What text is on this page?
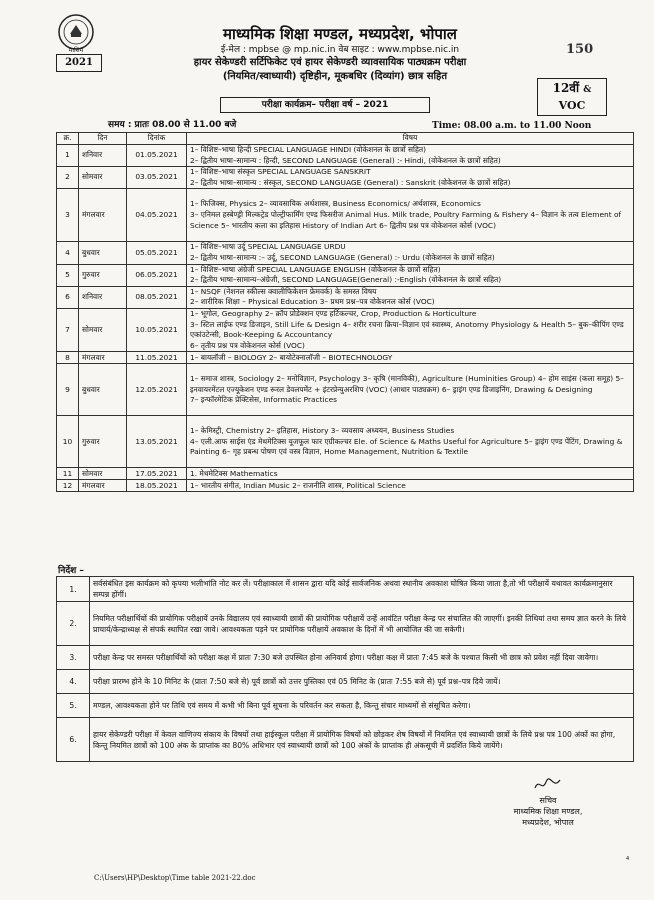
माशिमं
2021
माध्यमिक शिक्षा मण्डल, मध्यप्रदेश, भोपाल
ई-मेल : mpbse @ mp.nic.in वेब साइट : www.mpbse.nic.in
हायर सेकेण्डरी सर्टिफिकेट एवं हायर सेकेण्डरी व्यावसायिक पाठ्यक्रम परीक्षा
(नियमित/स्वाध्यायी) दृष्टिहीन, मूकबधिर (दिव्यांग) छात्र सहित
150
12वीं &
VOC
परीक्षा कार्यक्रम– परीक्षा वर्ष – 2021
समय : प्रातः 08.00 से 11.00 बजे	Time: 08.00 a.m. to 11.00 Noon
क्र.	दिन	दिनांक	विषय
1	शनिवार	01.05.2021	1– विशिष्ट–भाषा हिन्दी SPECIAL LANGUAGE HINDI (वोकेशनल के छात्रों सहित)
2– द्वितीय भाषा–सामान्य : हिन्दी, SECOND LANGUAGE (General) :- Hindi, (वोकेशनल के छात्रों सहित)
2	सोमवार	03.05.2021	1– विशिष्ट–भाषा संस्कृत SPECIAL LANGUAGE SANSKRIT
2– द्वितीय भाषा–सामान्य : संस्कृत, SECOND LANGUAGE (General) : Sanskrit (वोकेशनल के छात्रों सहित)
3	मंगलवार	04.05.2021	1– फिजिक्स, Physics 2– व्यावसायिक अर्थशास्त्र, Business Economics/ अर्थशास्त्र, Economics
3– एनिमल हस्बेण्ड्री मिल्कट्रेड पोल्ट्रीफार्मिंग एण्ड फिसरीज Animal Hus. Milk trade, Poultry Farming & Fishery 4– विज्ञान के तत्व Element of Science 5– भारतीय कला का इतिहास History of Indian Art 6– द्वितीय प्रश्न पत्र वोकेशनल कोर्स (VOC)
4	बुधवार	05.05.2021	1– विशिष्ट–भाषा उर्दू SPECIAL LANGUAGE URDU
2– द्वितीय भाषा–सामान्य :– उर्दू, SECOND LANGUAGE (General) :- Urdu (वोकेशनल के छात्रों सहित)
5	गुरुवार	06.05.2021	1– विशिष्ट–भाषा अंग्रेजी SPECIAL LANGUAGE ENGLISH (वोकेशनल के छात्रों सहित)
2– द्वितीय भाषा–सामान्य–अंग्रेजी, SECOND LANGUAGE(General) :-English (वोकेशनल के छात्रों सहित)
6	शनिवार	08.05.2021	1– NSQF (नेशनल स्कील्स क्वालीफिकेशन फ्रेमवर्क) के समस्त विषय
2– शारीरिक शिक्षा – Physical Education 3– प्रथम प्रश्न–पत्र वोकेशनल कोर्स (VOC)
7	सोमवार	10.05.2021	1– भूगोल, Geography 2– क्रॉप प्रोडेक्शन एण्ड हर्टिकल्चर, Crop, Production & Horticulture
3– स्टिल लाईफ एण्ड डिजाइन, Still Life & Design 4– शरीर रचना क्रिया–विज्ञान एवं स्वास्थ्य, Anotomy Physiology & Health 5– बुक–कीपिंग एण्ड एकांउटेन्सी, Book-Keeping & Accountancy
6– तृतीय प्रश्न पत्र वोकेशनल कोर्स (VOC)
8	मंगलवार	11.05.2021	1– बायलॉजी – BIOLOGY 2– बायोटेक्नालॉजी – BIOTECHNOLOGY
9	बुधवार	12.05.2021	1– समाज शास्त्र, Sociology 2– मनोविज्ञान, Psychology 3– कृषि (मानविकी), Agriculture (Huminities Group) 4– होम साइंस (कला समूह) 5– इनवायरमेंटल एज्यूकेशन एण्ड रूरल डेवलपमेंट + इंटरप्रेन्युअरशिप (VOC) (आधार पाठ्यक्रम) 6– ड्राइंग एण्ड डिजाइनिंग, Drawing & Designing
7– इन्फॉरमेटिक प्रेक्टिसेस, Informatic Practices
10	गुरुवार	13.05.2021	1– केमिस्ट्री, Chemistry 2– इतिहास, History 3– व्यवसाय अध्ययन, Business Studies
4– एली.आफ साईस एंड मेथमेटिक्स यूजफूल फार एग्रीकल्चर Ele. of Science & Maths Useful for Agriculture 5– ड्राइंग एण्ड पेंटिंग, Drawing & Painting 6– गृह प्रबन्ध पोषण एवं वस्त्र विज्ञान, Home Management, Nutrition & Textile
11	सोमवार	17.05.2021	1. मेथमेटिक्स Mathematics
12	मंगलवार	18.05.2021	1– भारतीय संगीत, Indian Music 2– राजनीति शास्त्र, Political Science
निर्देश –
1.	सर्वसंबंधित इस कार्यक्रम को कृपया भलीभांति नोट कर लें। परीक्षाकाल में शासन द्वारा यदि कोई सार्वजनिक अथवा स्थानीय अवकाश घोषित किया जाता है,तो भी परीक्षायें यथावत कार्यक्रमानुसार सम्पन्न होंगीं।
2.	नियमित परीक्षार्थियों की प्रायोगिक परीक्षायें उनके विद्यालय एवं स्वाध्यायी छात्रों की प्रायोगिक परीक्षायें उन्हें आवंटित परीक्षा केन्द्र पर संचालित की जाएगीं। इनकी तिथियां तथा समय ज्ञात करने के लिये प्राचार्य/केन्द्राध्यक्ष से संपर्क स्थापित रखा जावे। आवश्यकता पड़ने पर प्रायोगिक परीक्षायें अवकाश के दिनों में भी आयोजित की जा सकेगी।
3.	परीक्षा केन्द्र पर समस्त परीक्षार्थियों को परीक्षा कक्ष में प्रातः 7:30 बजे उपस्थित होना अनिवार्य होगा। परीक्षा कक्ष में प्रातः 7:45 बजे के पश्चात किसी भी छात्र को प्रवेश नहीं दिया जावेगा।
4.	परीक्षा प्रारम्भ होने के 10 मिनिट के (प्रातः 7:50 बजे से) पूर्व छात्रों को उत्तर पुस्तिका एवं 05 मिनिट के (प्रातः 7:55 बजे से) पूर्व प्रश्न–पत्र दिये जायें।
5.	मण्डल, आवश्यकता होने पर तिथि एवं समय में कभी भी बिना पूर्व सूचना के परिवर्तन कर सकता है, किन्तु संचार माध्यमों से संसूचित करेगा।
6.	हायर सेकेण्डरी परीक्षा में केवल वाणिज्य संकाय के विषयों तथा हाईस्कूल परीक्षा में प्रायोगिक विषयों को छोड़कर शेष विषयों में नियमित एवं स्वाध्यायी छात्रों के लिये प्रश्न पत्र 100 अंकों का होगा, किन्तु नियमित छात्रों को 100 अंक के प्राप्तांक का 80% अधिभार एवं स्वाध्यायी छात्रों को 100 अंकों के प्राप्तांक ही अंकसूची में प्रदर्शित किये जायेंगे।
सचिव
माध्यमिक शिक्षा मण्डल,
मध्यप्रदेश, भोपाल
4
C:\Users\HP\Desktop\Time table 2021-22.doc
